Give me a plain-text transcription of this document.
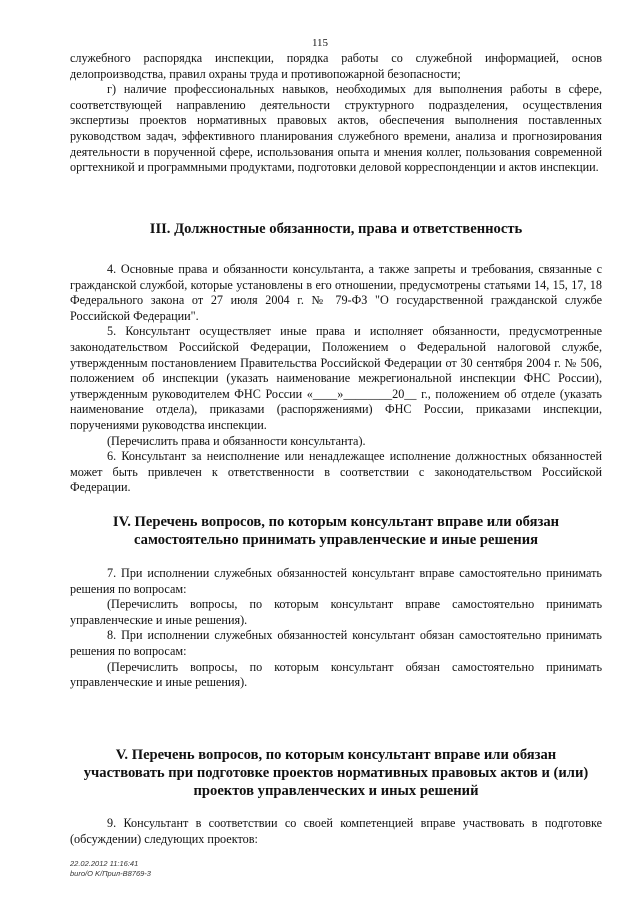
115

служебного распорядка инспекции, порядка работы со служебной информацией, основ делопроизводства, правил охраны труда и противопожарной безопасности;

г) наличие профессиональных навыков, необходимых для выполнения работы в сфере, соответствующей направлению деятельности структурного подразделения, осуществления экспертизы проектов нормативных правовых актов, обеспечения выполнения поставленных руководством задач, эффективного планирования служебного времени, анализа и прогнозирования деятельности в порученной сфере, использования опыта и мнения коллег, пользования современной оргтехникой и программными продуктами, подготовки деловой корреспонденции и актов инспекции.

III. Должностные обязанности, права и ответственность

4. Основные права и обязанности консультанта, а также запреты и требования, связанные с гражданской службой, которые установлены в его отношении, предусмотрены статьями 14, 15, 17, 18 Федерального закона от 27 июля 2004 г. № 79-ФЗ "О государственной гражданской службе Российской Федерации".

5. Консультант осуществляет иные права и исполняет обязанности, предусмотренные законодательством Российской Федерации, Положением о Федеральной налоговой службе, утвержденным постановлением Правительства Российской Федерации от 30 сентября 2004 г. № 506, положением об инспекции (указать наименование межрегиональной инспекции ФНС России), утвержденным руководителем ФНС России «____»________20__ г., положением об отделе (указать наименование отдела), приказами (распоряжениями) ФНС России, приказами инспекции, поручениями руководства инспекции.

(Перечислить права и обязанности консультанта).

6. Консультант за неисполнение или ненадлежащее исполнение должностных обязанностей может быть привлечен к ответственности в соответствии с законодательством Российской Федерации.

IV. Перечень вопросов, по которым консультант вправе или обязан
самостоятельно принимать управленческие и иные решения

7. При исполнении служебных обязанностей консультант вправе самостоятельно принимать решения по вопросам:

(Перечислить вопросы, по которым консультант вправе самостоятельно принимать управленческие и иные решения).

8. При исполнении служебных обязанностей консультант обязан самостоятельно принимать решения по вопросам:

(Перечислить вопросы, по которым консультант обязан самостоятельно принимать управленческие и иные решения).

V. Перечень вопросов, по которым консультант вправе или обязан
участвовать при подготовке проектов нормативных правовых актов и (или)
проектов управленческих и иных решений

9. Консультант в соответствии со своей компетенцией вправе участвовать в подготовке (обсуждении) следующих проектов:

22.02.2012 11:16:41
buro/O K/Прил-B8769-3
